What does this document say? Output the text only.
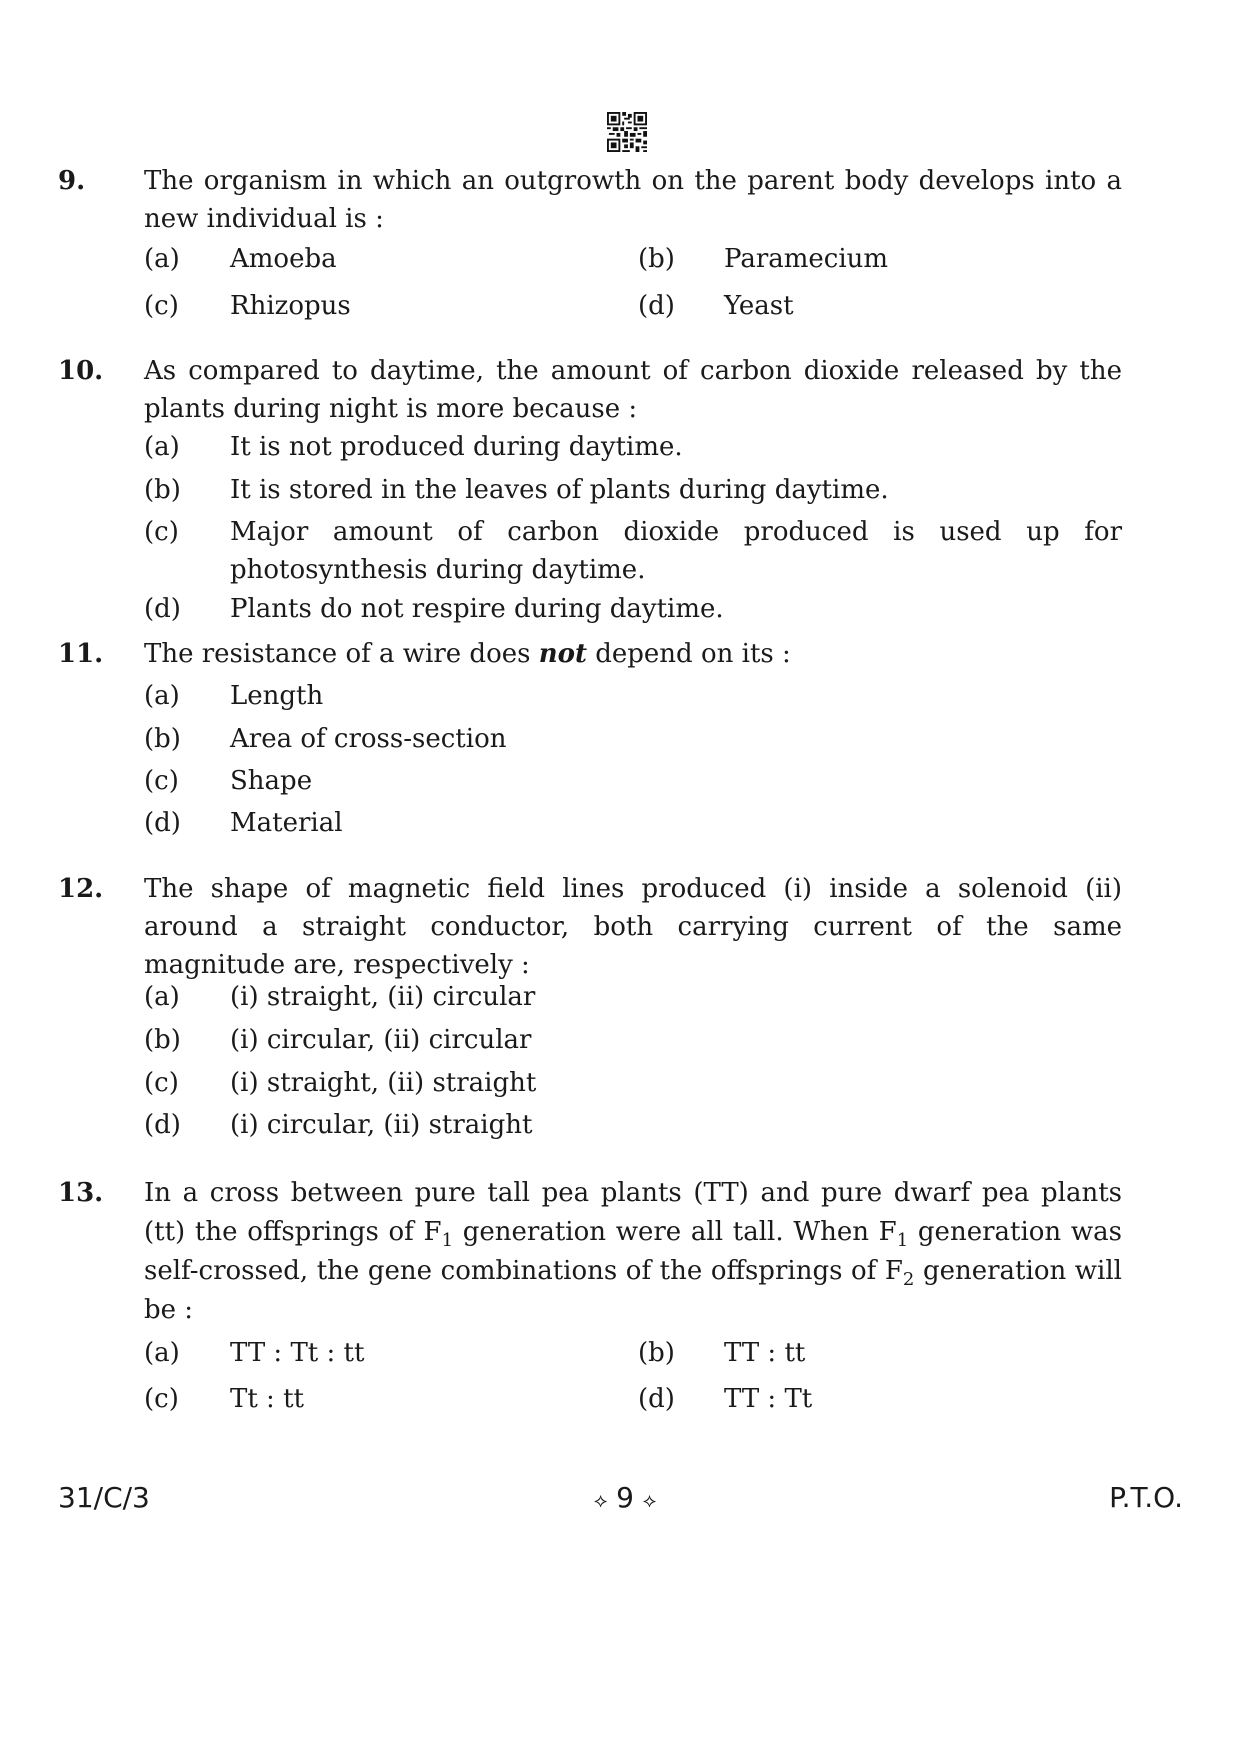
9. The organism in which an outgrowth on the parent body develops into a new individual is :
(a) Amoeba	(b) Paramecium
(c) Rhizopus	(d) Yeast
10. As compared to daytime, the amount of carbon dioxide released by the plants during night is more because :
(a) It is not produced during daytime.
(b) It is stored in the leaves of plants during daytime.
(c) Major amount of carbon dioxide produced is used up for photosynthesis during daytime.
(d) Plants do not respire during daytime.
11. The resistance of a wire does not depend on its :
(a) Length
(b) Area of cross-section
(c) Shape
(d) Material
12. The shape of magnetic field lines produced (i) inside a solenoid (ii) around a straight conductor, both carrying current of the same magnitude are, respectively :
(a) (i) straight, (ii) circular
(b) (i) circular, (ii) circular
(c) (i) straight, (ii) straight
(d) (i) circular, (ii) straight
13. In a cross between pure tall pea plants (TT) and pure dwarf pea plants (tt) the offsprings of $F_1$ generation were all tall. When $F_1$ generation was self-crossed, the gene combinations of the offsprings of $F_2$ generation will be :
(a) TT : Tt : tt	(b) TT : tt
(c) Tt : tt	(d) TT : Tt
31/C/3	⟡ 9 ⟡	P.T.O.
